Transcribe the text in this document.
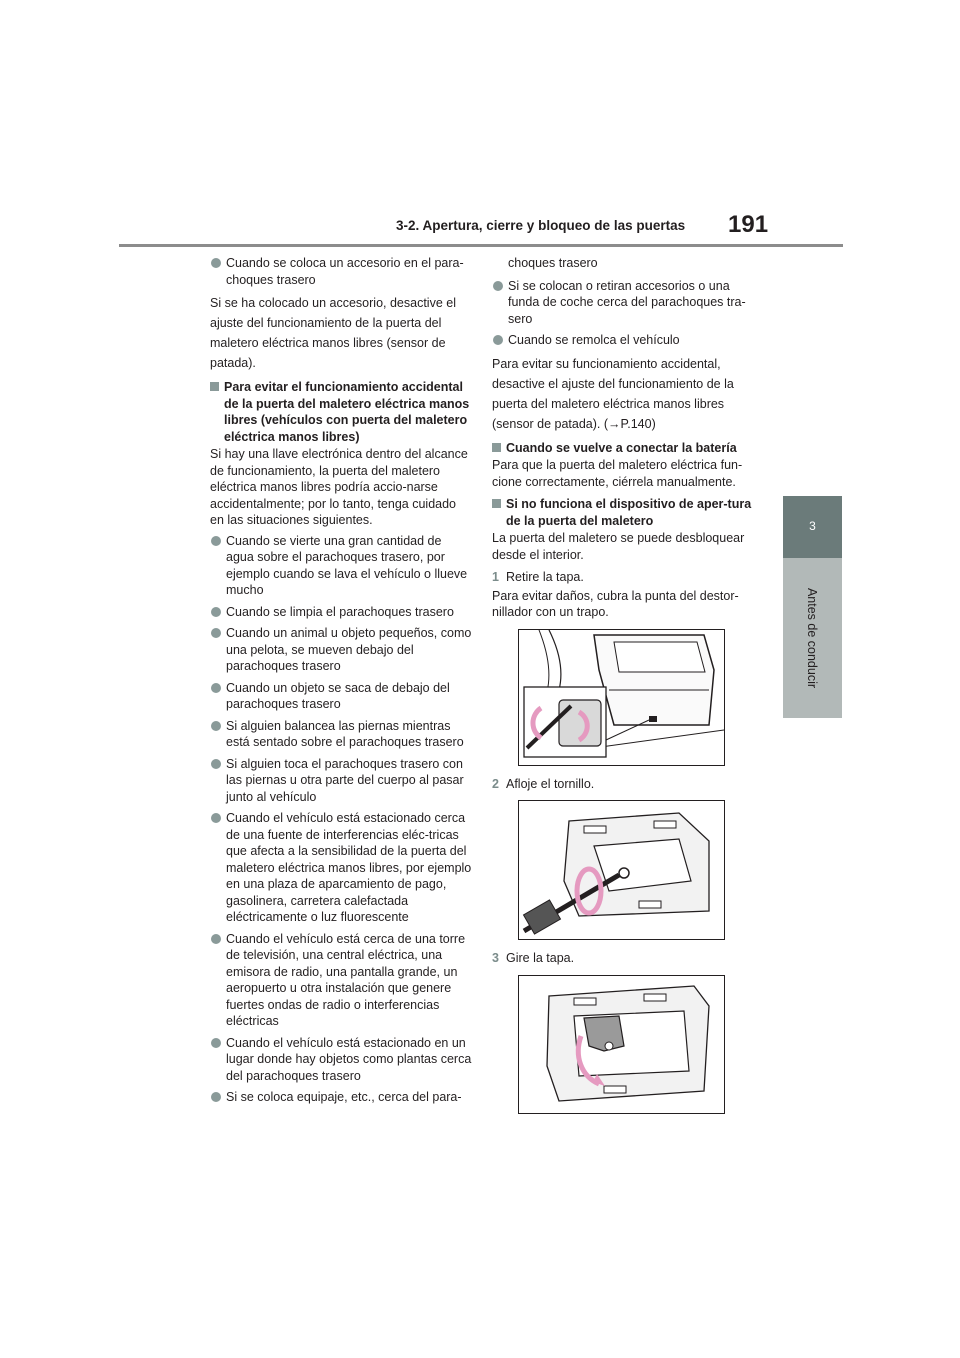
3-2. Apertura, cierre y bloqueo de las puertas	191
3
Antes de conducir
Cuando se coloca un accesorio en el para-choques trasero
Si se ha colocado un accesorio, desactive el ajuste del funcionamiento de la puerta del maletero eléctrica manos libres (sensor de patada).
Para evitar el funcionamiento accidental de la puerta del maletero eléctrica manos libres (vehículos con puerta del maletero eléctrica manos libres)
Si hay una llave electrónica dentro del alcance de funcionamiento, la puerta del maletero eléctrica manos libres podría accio-narse accidentalmente; por lo tanto, tenga cuidado en las situaciones siguientes.
Cuando se vierte una gran cantidad de agua sobre el parachoques trasero, por ejemplo cuando se lava el vehículo o llueve mucho
Cuando se limpia el parachoques trasero
Cuando un animal u objeto pequeños, como una pelota, se mueven debajo del parachoques trasero
Cuando un objeto se saca de debajo del parachoques trasero
Si alguien balancea las piernas mientras está sentado sobre el parachoques trasero
Si alguien toca el parachoques trasero con las piernas u otra parte del cuerpo al pasar junto al vehículo
Cuando el vehículo está estacionado cerca de una fuente de interferencias eléc-tricas que afecta a la sensibilidad de la puerta del maletero eléctrica manos libres, por ejemplo en una plaza de aparcamiento de pago, gasolinera, carretera calefactada eléctricamente o luz fluorescente
Cuando el vehículo está cerca de una torre de televisión, una central eléctrica, una emisora de radio, una pantalla grande, un aeropuerto u otra instalación que genere fuertes ondas de radio o interferencias eléctricas
Cuando el vehículo está estacionado en un lugar donde hay objetos como plantas cerca del parachoques trasero
Si se coloca equipaje, etc., cerca del para-
choques trasero
Si se colocan o retiran accesorios o una funda de coche cerca del parachoques tra-sero
Cuando se remolca el vehículo
Para evitar su funcionamiento accidental, desactive el ajuste del funcionamiento de la puerta del maletero eléctrica manos libres (sensor de patada). (→P.140)
Cuando se vuelve a conectar la batería
Para que la puerta del maletero eléctrica fun-cione correctamente, ciérrela manualmente.
Si no funciona el dispositivo de aper-tura de la puerta del maletero
La puerta del maletero se puede desbloquear desde el interior.
1 Retire la tapa.
Para evitar daños, cubra la punta del destor-nillador con un trapo.
2 Afloje el tornillo.
3 Gire la tapa.
